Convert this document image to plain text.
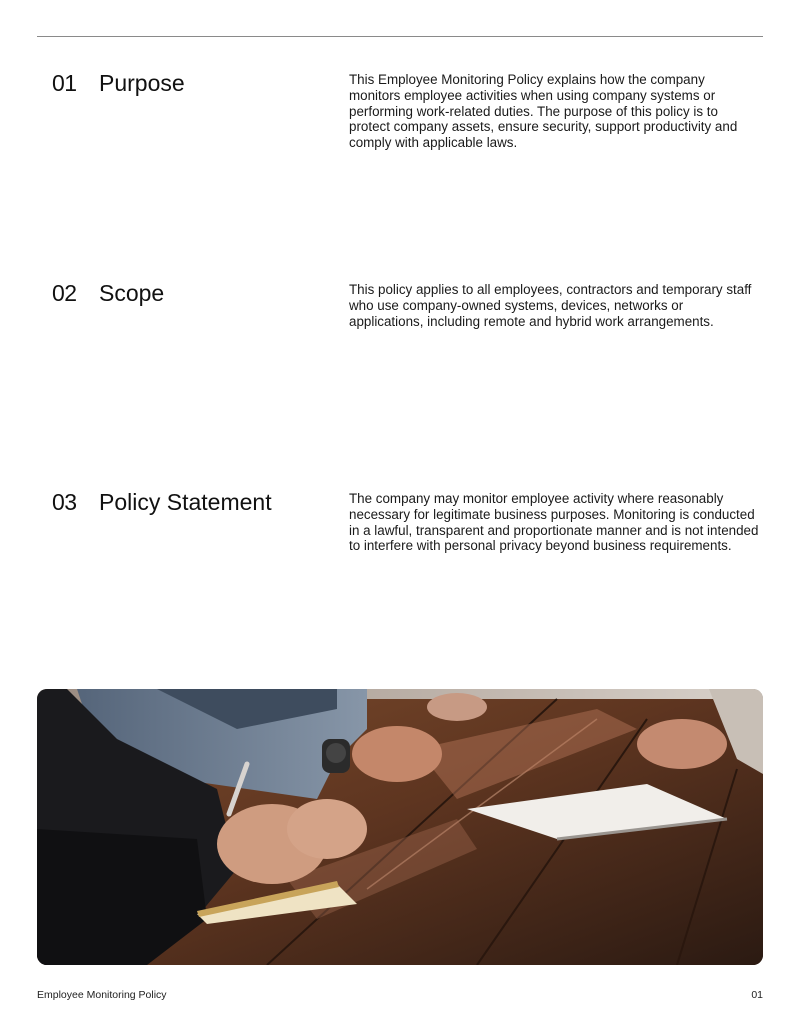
01 Purpose	This Employee Monitoring Policy explains how the company monitors employee activities when using company systems or performing work-related duties. The purpose of this policy is to protect company assets, ensure security, support productivity and comply with applicable laws.
02 Scope	This policy applies to all employees, contractors and temporary staff who use company-owned systems, devices, networks or applications, including remote and hybrid work arrangements.
03 Policy Statement	The company may monitor employee activity where reasonably necessary for legitimate business purposes. Monitoring is conducted in a lawful, transparent and proportionate manner and is not intended to interfere with personal privacy beyond business requirements.
Employee Monitoring Policy	01
